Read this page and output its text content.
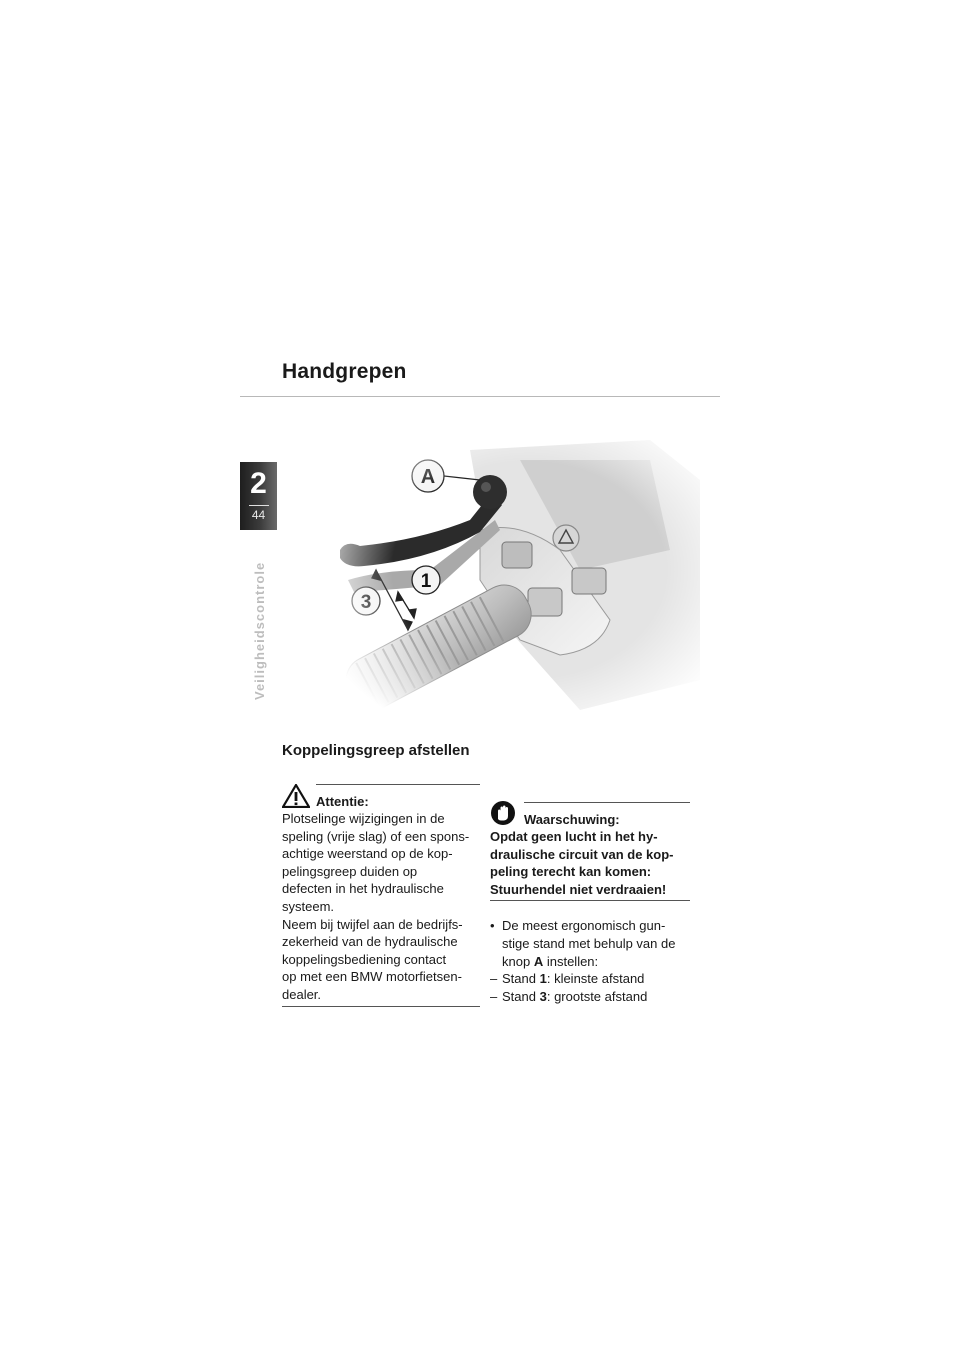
Handgrepen
2
44
Veiligheidscontrole
Koppelingsgreep afstellen
Attentie:

Plotselinge wijzigingen in de

speling (vrije slag) of een spons-

achtige weerstand op de kop-

pelingsgreep duiden op

defecten in het hydraulische

systeem.

Neem bij twijfel aan de bedrijfs-

zekerheid van de hydraulische

koppelingsbediening contact

op met een BMW motorfietsen-

dealer.

Waarschuwing:

Opdat geen lucht in het hy-

draulische circuit van de kop-

peling terecht kan komen:

Stuurhendel niet verdraaien!

• De meest ergonomisch gun-
stige stand met behulp van de
knop A instellen:
– Stand 1: kleinste afstand
– Stand 3: grootste afstand
